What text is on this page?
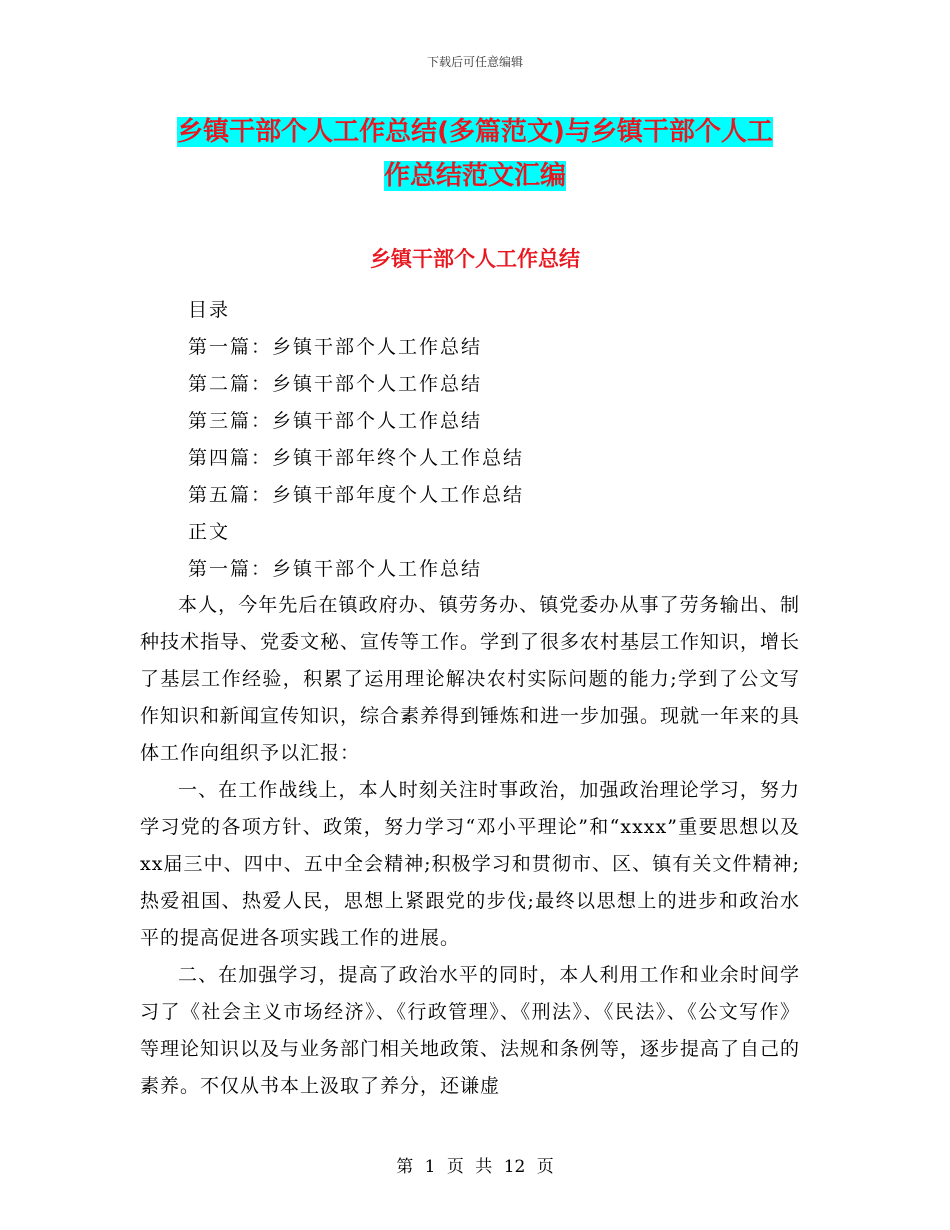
下载后可任意编辑
乡镇干部个人工作总结(多篇范文)与乡镇干部个人工
作总结范文汇编
乡镇干部个人工作总结
目录
第一篇：乡镇干部个人工作总结
第二篇：乡镇干部个人工作总结
第三篇：乡镇干部个人工作总结
第四篇：乡镇干部年终个人工作总结
第五篇：乡镇干部年度个人工作总结
正文
第一篇：乡镇干部个人工作总结

本人，今年先后在镇政府办、镇劳务办、镇党委办从事了劳务输出、制种技术指导、党委文秘、宣传等工作。学到了很多农村基层工作知识，增长了基层工作经验，积累了运用理论解决农村实际问题的能力;学到了公文写作知识和新闻宣传知识，综合素养得到锤炼和进一步加强。现就一年来的具体工作向组织予以汇报：

一、在工作战线上，本人时刻关注时事政治，加强政治理论学习，努力学习党的各项方针、政策，努力学习“邓小平理论”和“xxxx”重要思想以及xx届三中、四中、五中全会精神;积极学习和贯彻市、区、镇有关文件精神;热爱祖国、热爱人民，思想上紧跟党的步伐;最终以思想上的进步和政治水平的提高促进各项实践工作的进展。

二、在加强学习，提高了政治水平的同时，本人利用工作和业余时间学习了《社会主义市场经济》、《行政管理》、《刑法》、《民法》、《公文写作》等理论知识以及与业务部门相关地政策、法规和条例等，逐步提高了自己的素养。不仅从书本上汲取了养分，还谦虚

第 1 页 共 12 页
